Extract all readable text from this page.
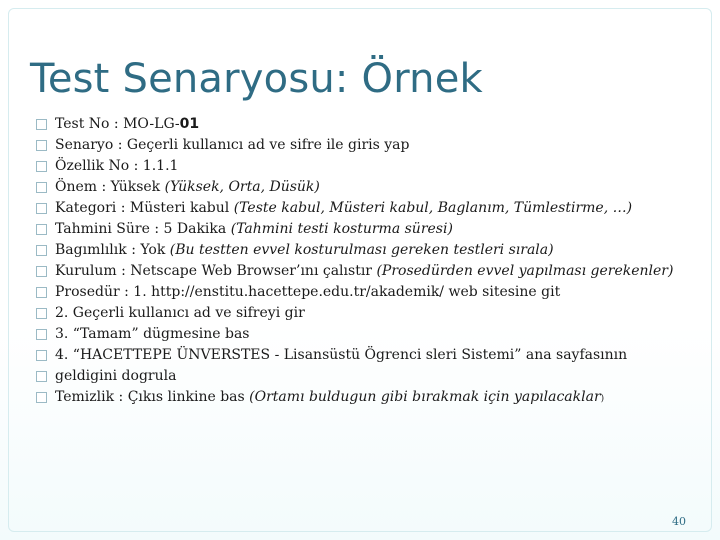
Test Senaryosu: Örnek
Test No : MO-LG-01
Senaryo : Geçerli kullanıcı ad ve sifre ile giris yap
Özellik No : 1.1.1
Önem : Yüksek (Yüksek, Orta, Düsük)
Kategori : Müsteri kabul (Teste kabul, Müsteri kabul, Baglanım, Tümlestirme, …)
Tahmini Süre : 5 Dakika (Tahmini testi kosturma süresi)
Bagımlılık : Yok (Bu testten evvel kosturulması gereken testleri sırala)
Kurulum : Netscape Web Browser’ını çalıstır (Prosedürden evvel yapılması gerekenler)
Prosedür : 1. http://enstitu.hacettepe.edu.tr/akademik/ web sitesine git
2. Geçerli kullanıcı ad ve sifreyi gir
3. “Tamam” dügmesine bas
4. “HACETTEPE ÜNVERSTES - Lisansüstü Ögrenci sleri Sistemi” ana sayfasının
geldigini dogrula
Temizlik : Çıkıs linkine bas (Ortamı buldugun gibi bırakmak için yapılacaklar)
40
